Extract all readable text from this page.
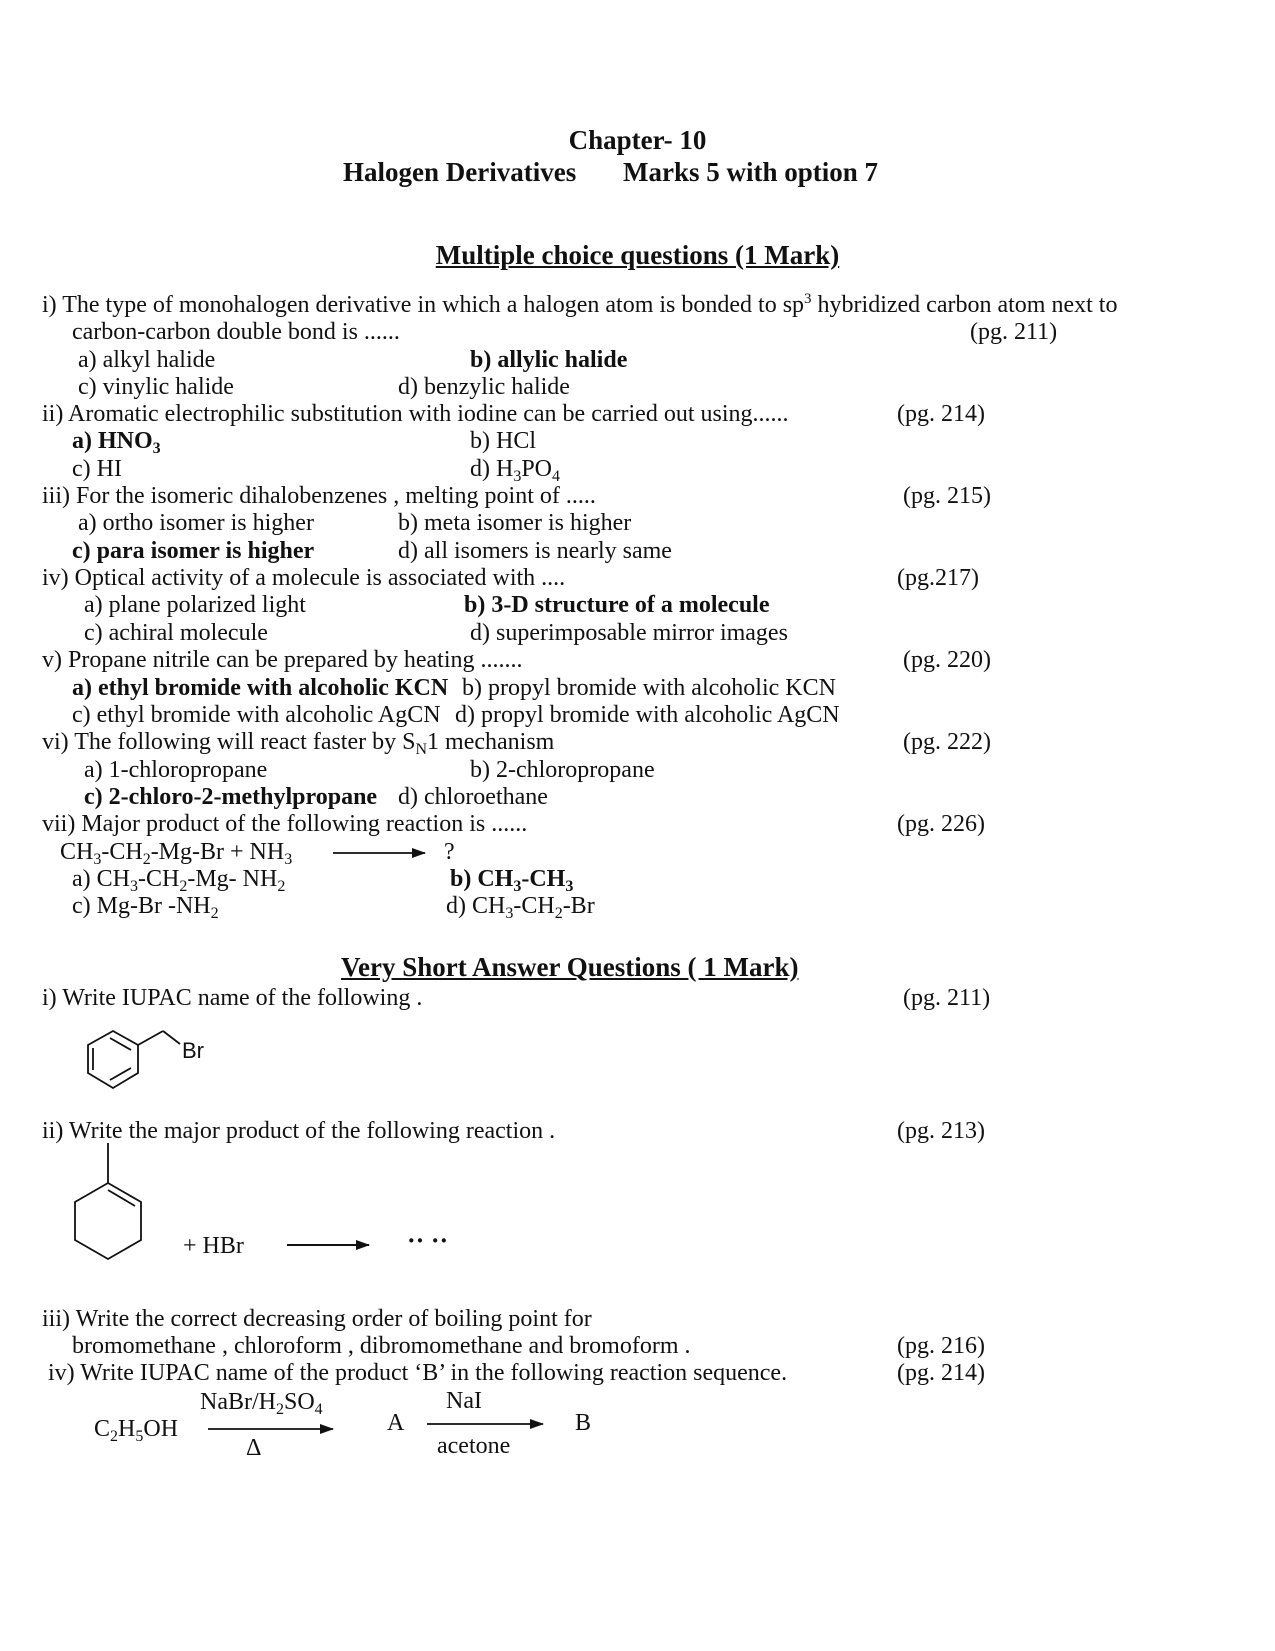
Chapter- 10
Halogen Derivatives Marks 5 with option 7
Multiple choice questions (1 Mark)
i) The type of monohalogen derivative in which a halogen atom is bonded to $sp^3$ hybridized carbon atom next to
carbon-carbon double bond is ......	(pg. 211)
a) alkyl halide	b) allylic halide
c) vinylic halide	d) benzylic halide
ii) Aromatic electrophilic substitution with iodine can be carried out using......	(pg. 214)
a) $HNO_3$	b) HCl
c) HI	d) $H_3PO_4$
iii) For the isomeric dihalobenzenes , melting point of .....	(pg. 215)
a) ortho isomer is higher	b) meta isomer is higher
c) para isomer is higher	d) all isomers is nearly same
iv) Optical activity of a molecule is associated with ....	(pg.217)
a) plane polarized light	b) 3-D structure of a molecule
c) achiral molecule	d) superimposable mirror images
v) Propane nitrile can be prepared by heating .......	(pg. 220)
a) ethyl bromide with alcoholic KCN b) propyl bromide with alcoholic KCN
c) ethyl bromide with alcoholic AgCN d) propyl bromide with alcoholic AgCN
vi) The following will react faster by $S_N1$ mechanism	(pg. 222)
a) 1-chloropropane	b) 2-chloropropane
c) 2-chloro-2-methylpropane d) chloroethane
vii) Major product of the following reaction is ......	(pg. 226)
$CH_3-CH_2-Mg-Br + NH_3$	?
a) $CH_3-CH_2-Mg-$ $NH_2$	b) $CH_3-CH_3$
c) Mg-Br $-NH_2$	d) $CH_3-CH_2-Br$
Very Short Answer Questions ( 1 Mark)
i) Write IUPAC name of the following .	(pg. 211)
ii) Write the major product of the following reaction .	(pg. 213)
+ HBr	·· ··
iii) Write the correct decreasing order of boiling point for
bromomethane , chloroform , dibromomethane and bromoform .	(pg. 216)
iv) Write IUPAC name of the product ‘B’ in the following reaction sequence.	(pg. 214)
$C_2H_5OH$
NaBr/$H_2SO_4$
Δ
A
NaI
acetone
B
Br
